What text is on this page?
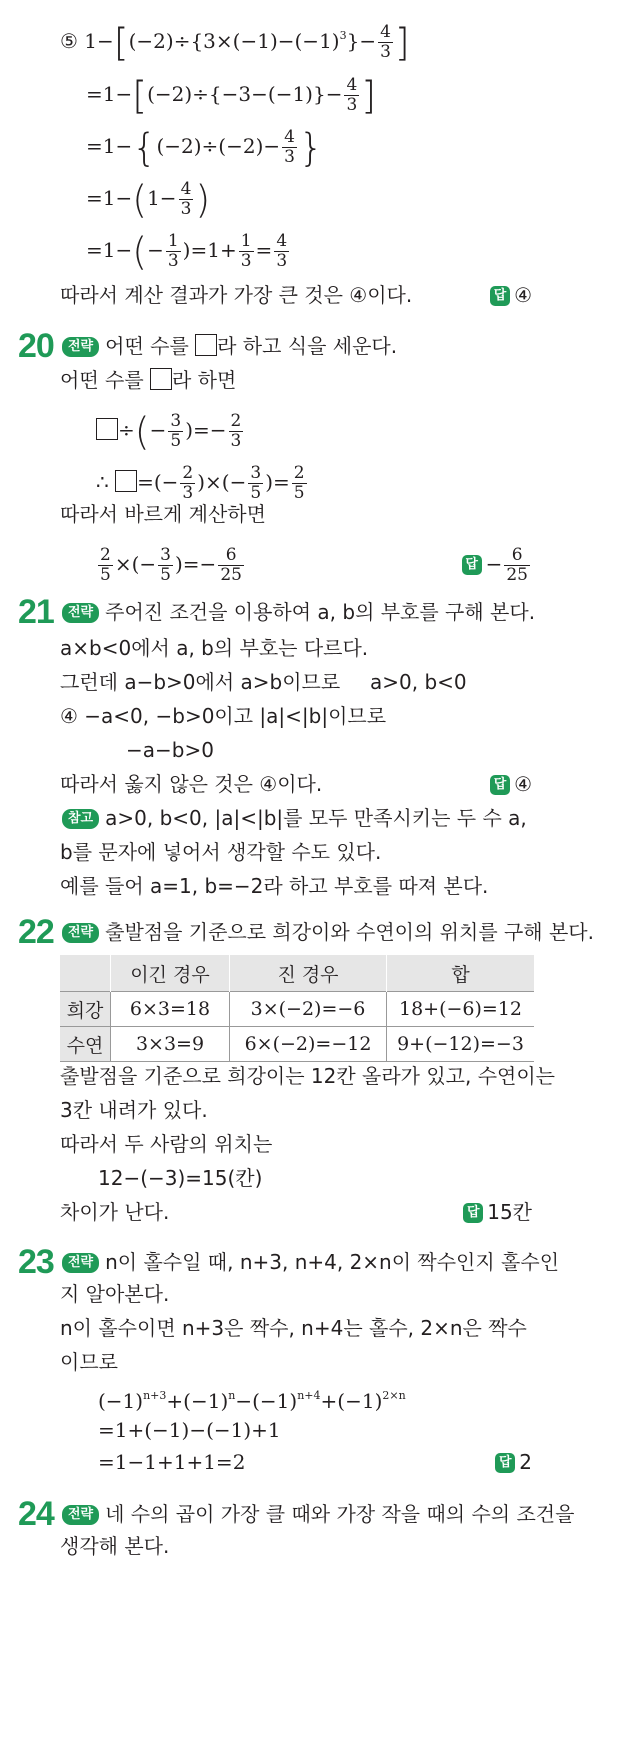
⑤ $1-[(-2)\div\{3\times(-1)-(-1)^3\}- \frac{4}{3}$ ]
$=1-[(-2)\div\{-3-(-1)\}- \frac{4}{3}$ ]
$=1-\{(-2)\div(-2)- \frac{4}{3}$ }
$=1-(1- \frac{4}{3}$ )
$=1-(- \frac{1}{3} )=1+ \frac{1}{3} = \frac{4}{3}$
따라서 계산 결과가 가장 큰 것은 ④이다.	답 ④
20	전략 어떤 수를 라 하고 식을 세운다.
어떤 수를 라 하면
÷(− $\frac{3}{5}$ )=− $\frac{2}{3}$
∴ =(− $\frac{2}{3}$ )×(− $\frac{3}{5}$ )= $\frac{2}{5}$
따라서 바르게 계산하면
$\frac{2}{5}$ ×(− $\frac{3}{5}$ )=− $\frac{6}{25}$	답 − $\frac{6}{25}$
21	전략 주어진 조건을 이용하여 a, b의 부호를 구해 본다.
a×b<0에서 a, b의 부호는 다르다.
그런데 a−b>0에서 a>b이므로 a>0, b<0
④ −a<0, −b>0이고 |a|<|b|이므로
−a−b>0
따라서 옳지 않은 것은 ④이다.	답 ④
참고 a>0, b<0, |a|<|b|를 모두 만족시키는 두 수 a,
b를 문자에 넣어서 생각할 수도 있다.
예를 들어 a=1, b=−2라 하고 부호를 따져 본다.
22	전략 출발점을 기준으로 희강이와 수연이의 위치를 구해 본다.
	이긴 경우	진 경우	합
희강	6×3=18	3×(−2)=−6	18+(−6)=12
수연	3×3=9	6×(−2)=−12	9+(−12)=−3
출발점을 기준으로 희강이는 12칸 올라가 있고, 수연이는
3칸 내려가 있다.
따라서 두 사람의 위치는
12−(−3)=15(칸)
차이가 난다.	답 15칸
23	전략 n이 홀수일 때, n+3, n+4, 2×n이 짝수인지 홀수인
지 알아본다.
n이 홀수이면 n+3은 짝수, n+4는 홀수, 2×n은 짝수
이므로
$(-1)^{n+3}+(-1)^n-(-1)^{n+4}+(-1)^{2\times n}$
=1+(−1)−(−1)+1
=1−1+1+1=2	답 2
24	전략 네 수의 곱이 가장 클 때와 가장 작을 때의 수의 조건을
생각해 본다.
